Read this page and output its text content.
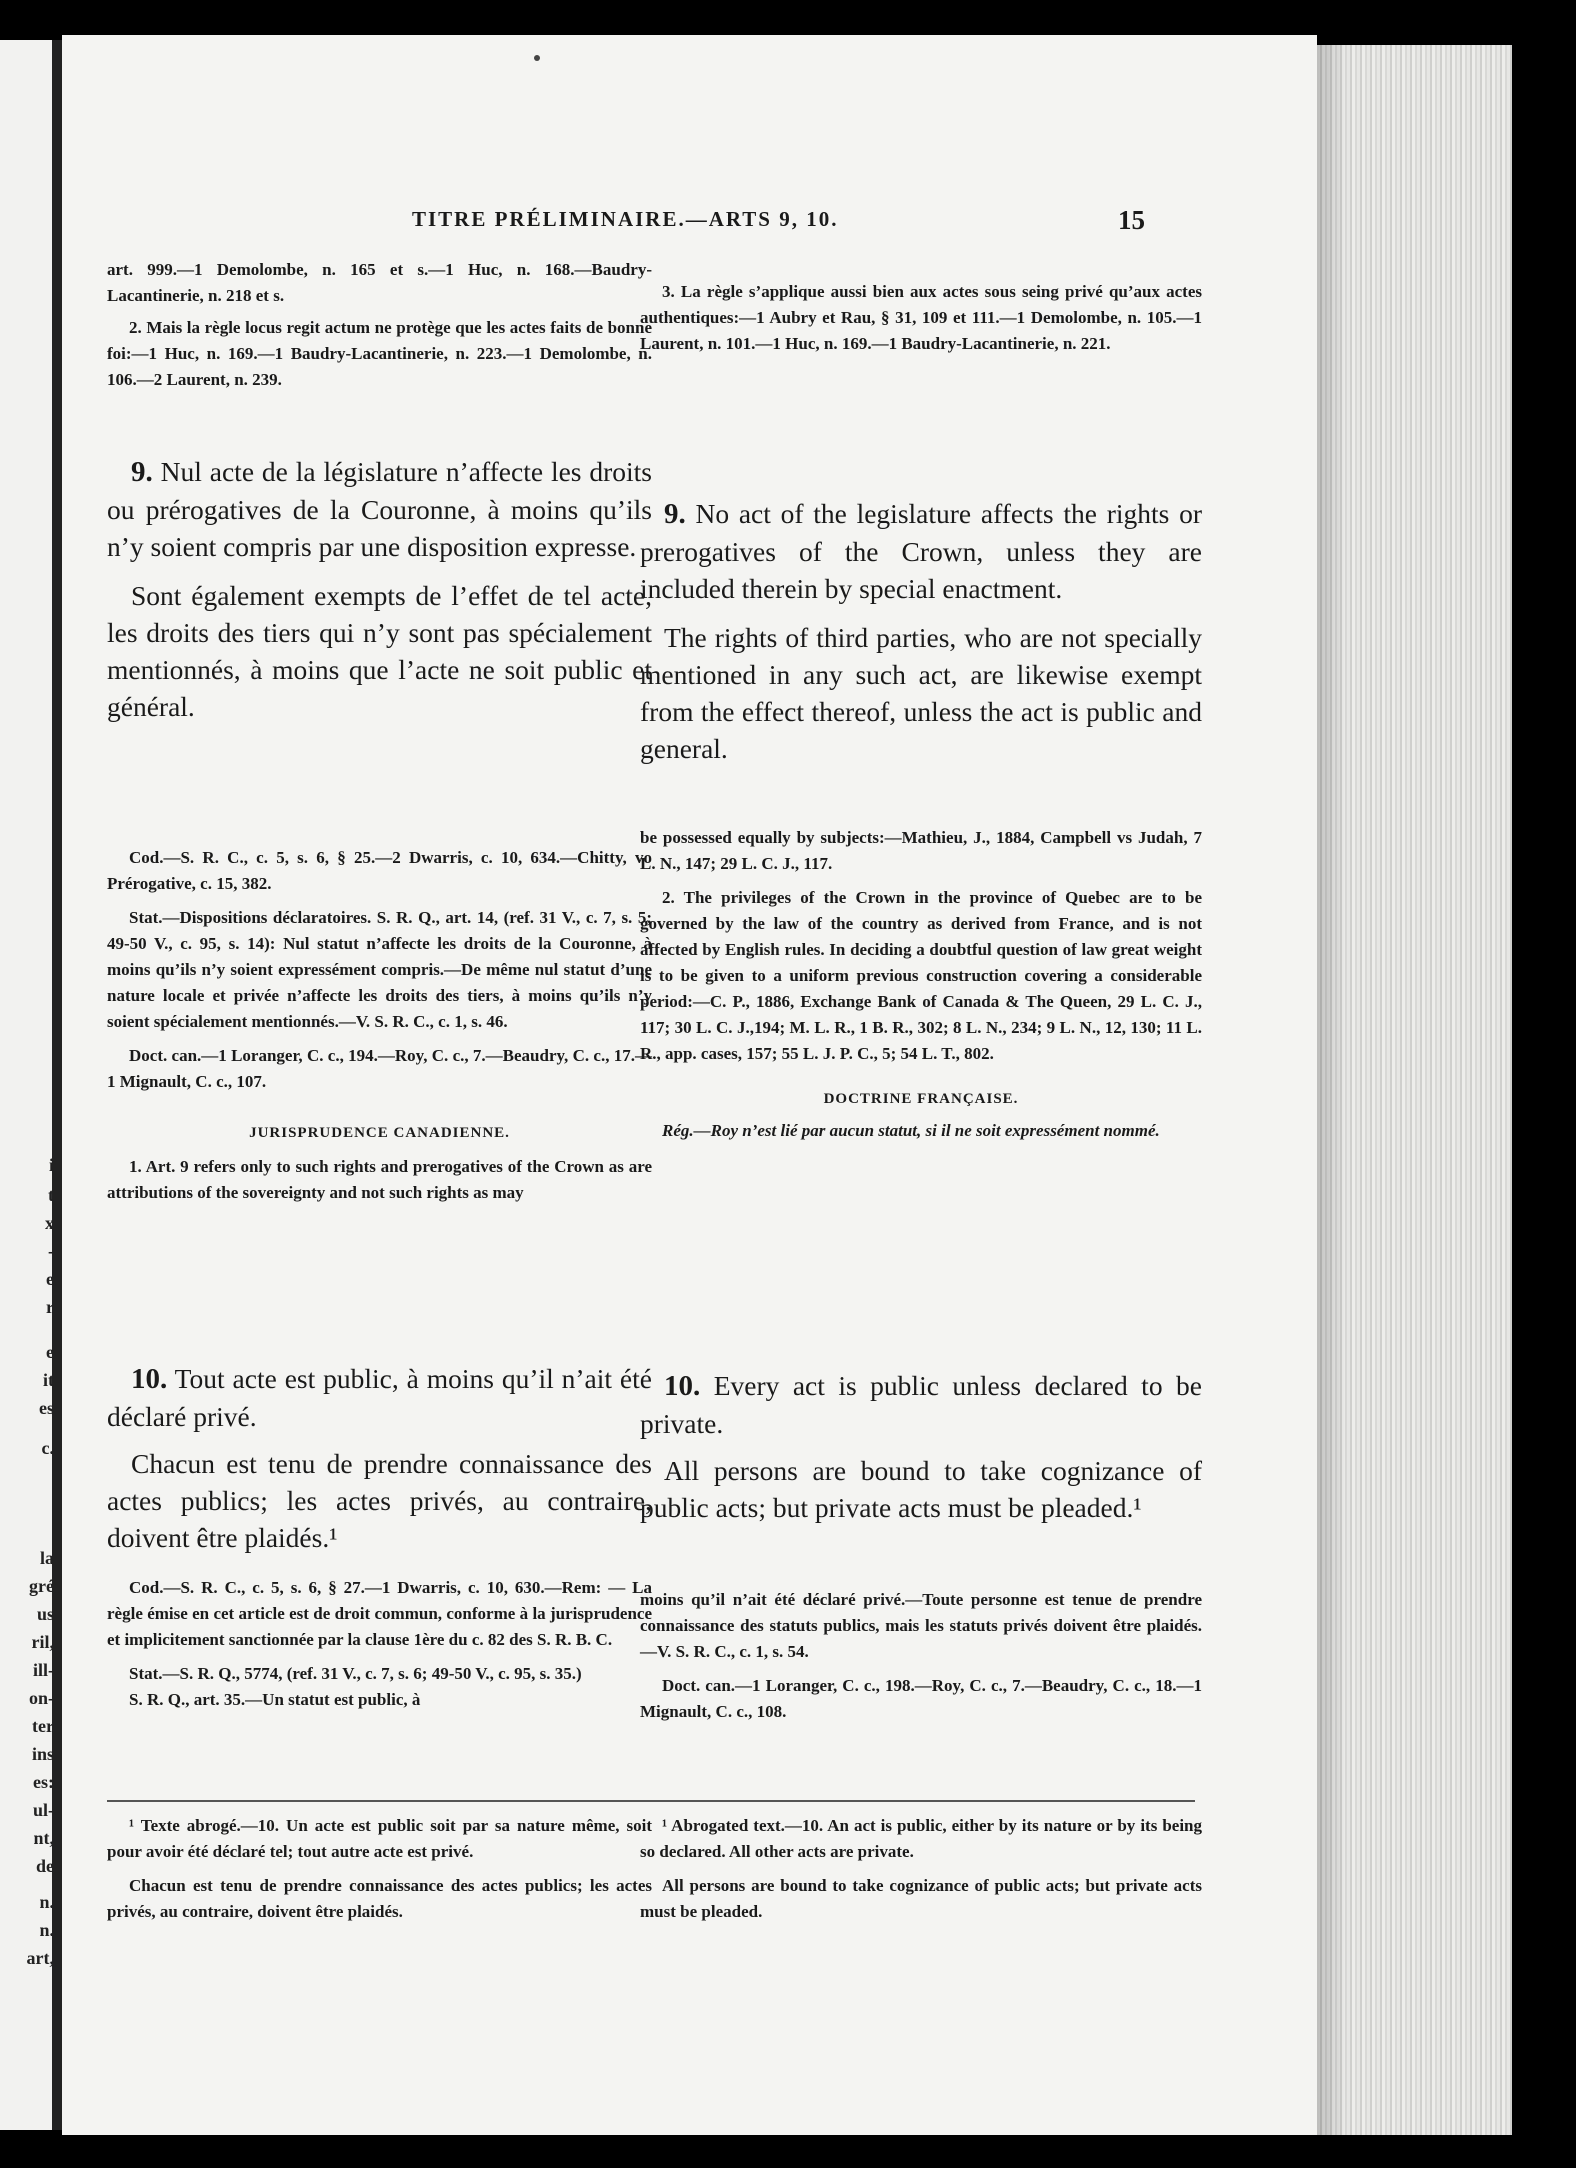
i
t
x
-
e
r
e
it
es
c.
la
gré
us
ril,
ill-
on-
ter
ins
es:
ul-
nt,
de
n.
n.
art,
TITRE PRÉLIMINAIRE.—ARTS 9, 10.	15

art. 999.—1 Demolombe, n. 165 et s.—1 Huc, n. 168.—Baudry-Lacantinerie, n. 218 et s.

2. Mais la règle locus regit actum ne protège que les actes faits de bonne foi:—1 Huc, n. 169.—1 Baudry-Lacantinerie, n. 223.—1 Demolombe, n. 106.—2 Laurent, n. 239.

9. Nul acte de la législature n’affecte les droits ou prérogatives de la Couronne, à moins qu’ils n’y soient compris par une disposition expresse.

Sont également exempts de l’effet de tel acte, les droits des tiers qui n’y sont pas spécialement mentionnés, à moins que l’acte ne soit public et général.

Cod.—S. R. C., c. 5, s. 6, § 25.—2 Dwarris, c. 10, 634.—Chitty, vo Prérogative, c. 15, 382.

Stat.—Dispositions déclaratoires. S. R. Q., art. 14, (ref. 31 V., c. 7, s. 5; 49-50 V., c. 95, s. 14): Nul statut n’affecte les droits de la Couronne, à moins qu’ils n’y soient expressément compris.—De même nul statut d’une nature locale et privée n’affecte les droits des tiers, à moins qu’ils n’y soient spécialement mentionnés.—V. S. R. C., c. 1, s. 46.

Doct. can.—1 Loranger, C. c., 194.—Roy, C. c., 7.—Beaudry, C. c., 17.—1 Mignault, C. c., 107.

JURISPRUDENCE CANADIENNE.

1. Art. 9 refers only to such rights and prerogatives of the Crown as are attributions of the sovereignty and not such rights as may

10. Tout acte est public, à moins qu’il n’ait été déclaré privé.

Chacun est tenu de prendre connaissance des actes publics; les actes privés, au contraire, doivent être plaidés.¹

Cod.—S. R. C., c. 5, s. 6, § 27.—1 Dwarris, c. 10, 630.—Rem: — La règle émise en cet article est de droit commun, conforme à la jurisprudence et implicitement sanctionnée par la clause 1ère du c. 82 des S. R. B. C.

Stat.—S. R. Q., 5774, (ref. 31 V., c. 7, s. 6; 49-50 V., c. 95, s. 35.)

S. R. Q., art. 35.—Un statut est public, à

¹ Texte abrogé.—10. Un acte est public soit par sa nature même, soit pour avoir été déclaré tel; tout autre acte est privé.

Chacun est tenu de prendre connaissance des actes publics; les actes privés, au contraire, doivent être plaidés.

3. La règle s’applique aussi bien aux actes sous seing privé qu’aux actes authentiques:—1 Aubry et Rau, § 31, 109 et 111.—1 Demolombe, n. 105.—1 Laurent, n. 101.—1 Huc, n. 169.—1 Baudry-Lacantinerie, n. 221.

9. No act of the legislature affects the rights or prerogatives of the Crown, unless they are included therein by special enactment.

The rights of third parties, who are not specially mentioned in any such act, are likewise exempt from the effect thereof, unless the act is public and general.

be possessed equally by subjects:—Mathieu, J., 1884, Campbell vs Judah, 7 L. N., 147; 29 L. C. J., 117.

2. The privileges of the Crown in the province of Quebec are to be governed by the law of the country as derived from France, and is not affected by English rules. In deciding a doubtful question of law great weight is to be given to a uniform previous construction covering a considerable period:—C. P., 1886, Exchange Bank of Canada & The Queen, 29 L. C. J., 117; 30 L. C. J.,194; M. L. R., 1 B. R., 302; 8 L. N., 234; 9 L. N., 12, 130; 11 L. R., app. cases, 157; 55 L. J. P. C., 5; 54 L. T., 802.

DOCTRINE FRANÇAISE.

Rég.—Roy n’est lié par aucun statut, si il ne soit expressément nommé.

10. Every act is public unless declared to be private.

All persons are bound to take cognizance of public acts; but private acts must be pleaded.¹

moins qu’il n’ait été déclaré privé.—Toute personne est tenue de prendre connaissance des statuts publics, mais les statuts privés doivent être plaidés.—V. S. R. C., c. 1, s. 54.

Doct. can.—1 Loranger, C. c., 198.—Roy, C. c., 7.—Beaudry, C. c., 18.—1 Mignault, C. c., 108.

¹ Abrogated text.—10. An act is public, either by its nature or by its being so declared. All other acts are private.

All persons are bound to take cognizance of public acts; but private acts must be pleaded.
